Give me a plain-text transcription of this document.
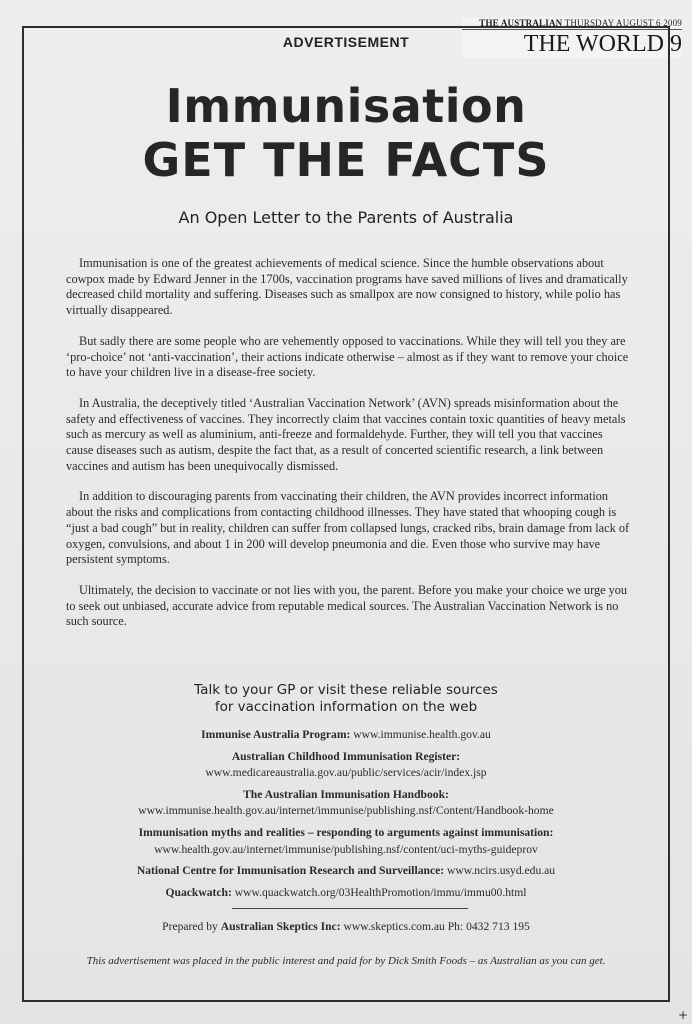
THE AUSTRALIAN THURSDAY AUGUST 6 2009
THE WORLD 9
ADVERTISEMENT
Immunisation
GET THE FACTS
An Open Letter to the Parents of Australia

Immunisation is one of the greatest achievements of medical science. Since the humble observations about cowpox made by Edward Jenner in the 1700s, vaccination programs have saved millions of lives and dramatically decreased child mortality and suffering. Diseases such as smallpox are now consigned to history, while polio has virtually disappeared.

But sadly there are some people who are vehemently opposed to vaccinations. While they will tell you they are ‘pro-choice’ not ‘anti-vaccination’, their actions indicate otherwise – almost as if they want to remove your choice to have your children live in a disease-free society.

In Australia, the deceptively titled ‘Australian Vaccination Network’ (AVN) spreads misinformation about the safety and effectiveness of vaccines. They incorrectly claim that vaccines contain toxic quantities of heavy metals such as mercury as well as aluminium, anti-freeze and formaldehyde. Further, they will tell you that vaccines cause diseases such as autism, despite the fact that, as a result of concerted scientific research, a link between vaccines and autism has been unequivocally dismissed.

In addition to discouraging parents from vaccinating their children, the AVN provides incorrect information about the risks and complications from contacting childhood illnesses. They have stated that whooping cough is “just a bad cough” but in reality, children can suffer from collapsed lungs, cracked ribs, brain damage from lack of oxygen, convulsions, and about 1 in 200 will develop pneumonia and die. Even those who survive may have persistent symptoms.

Ultimately, the decision to vaccinate or not lies with you, the parent. Before you make your choice we urge you to seek out unbiased, accurate advice from reputable medical sources. The Australian Vaccination Network is no such source.

Talk to your GP or visit these reliable sources
for vaccination information on the web
Immunise Australia Program: www.immunise.health.gov.au
Australian Childhood Immunisation Register:
www.medicareaustralia.gov.au/public/services/acir/index.jsp
The Australian Immunisation Handbook:
www.immunise.health.gov.au/internet/immunise/publishing.nsf/Content/Handbook-home
Immunisation myths and realities – responding to arguments against immunisation:
www.health.gov.au/internet/immunise/publishing.nsf/content/uci-myths-guideprov
National Centre for Immunisation Research and Surveillance: www.ncirs.usyd.edu.au
Quackwatch: www.quackwatch.org/03HealthPromotion/immu/immu00.html
Prepared by Australian Skeptics Inc: www.skeptics.com.au Ph: 0432 713 195
This advertisement was placed in the public interest and paid for by Dick Smith Foods – as Australian as you can get.
+
